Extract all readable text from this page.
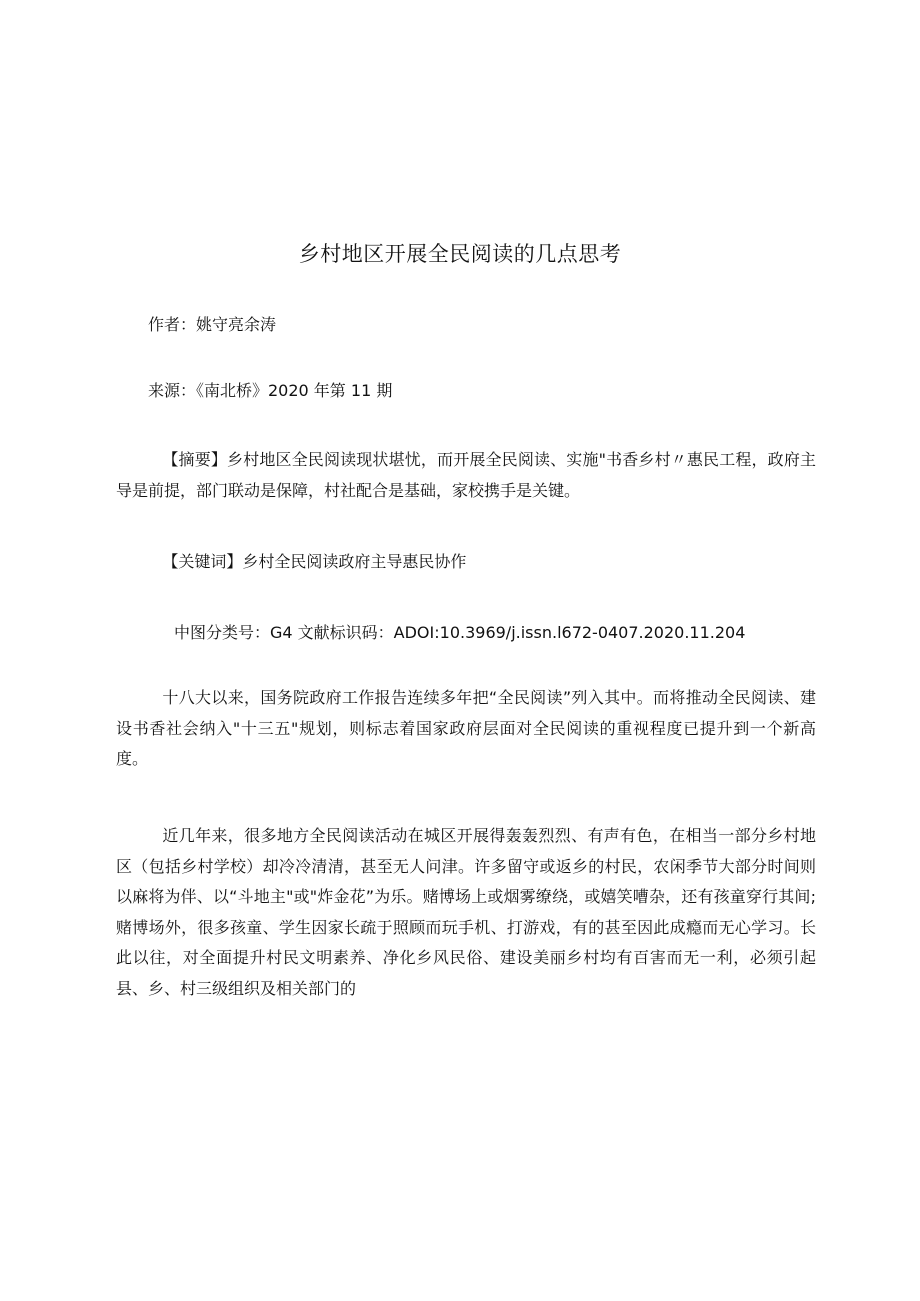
乡村地区开展全民阅读的几点思考
作者：姚守亮余涛
来源：《南北桥》2020 年第 11 期

【摘要】乡村地区全民阅读现状堪忧，而开展全民阅读、实施"书香乡村〃惠民工程，政府主导是前提，部门联动是保障，村社配合是基础，家校携手是关键。

【关键词】乡村全民阅读政府主导惠民协作

中图分类号：G4 文献标识码：ADOI:10.3969∕j.issn.l672-0407.2020.11.204

十八大以来，国务院政府工作报告连续多年把“全民阅读”列入其中。而将推动全民阅读、建设书香社会纳入"十三五"规划，则标志着国家政府层面对全民阅读的重视程度已提升到一个新高度。

近几年来，很多地方全民阅读活动在城区开展得轰轰烈烈、有声有色，在相当一部分乡村地区（包括乡村学校）却冷冷清清，甚至无人问津。许多留守或返乡的村民，农闲季节大部分时间则以麻将为伴、以“斗地主"或"炸金花”为乐。赌博场上或烟雾缭绕，或嬉笑嘈杂，还有孩童穿行其间;赌博场外，很多孩童、学生因家长疏于照顾而玩手机、打游戏，有的甚至因此成瘾而无心学习。长此以往，对全面提升村民文明素养、净化乡风民俗、建设美丽乡村均有百害而无一利，必须引起县、乡、村三级组织及相关部门的
